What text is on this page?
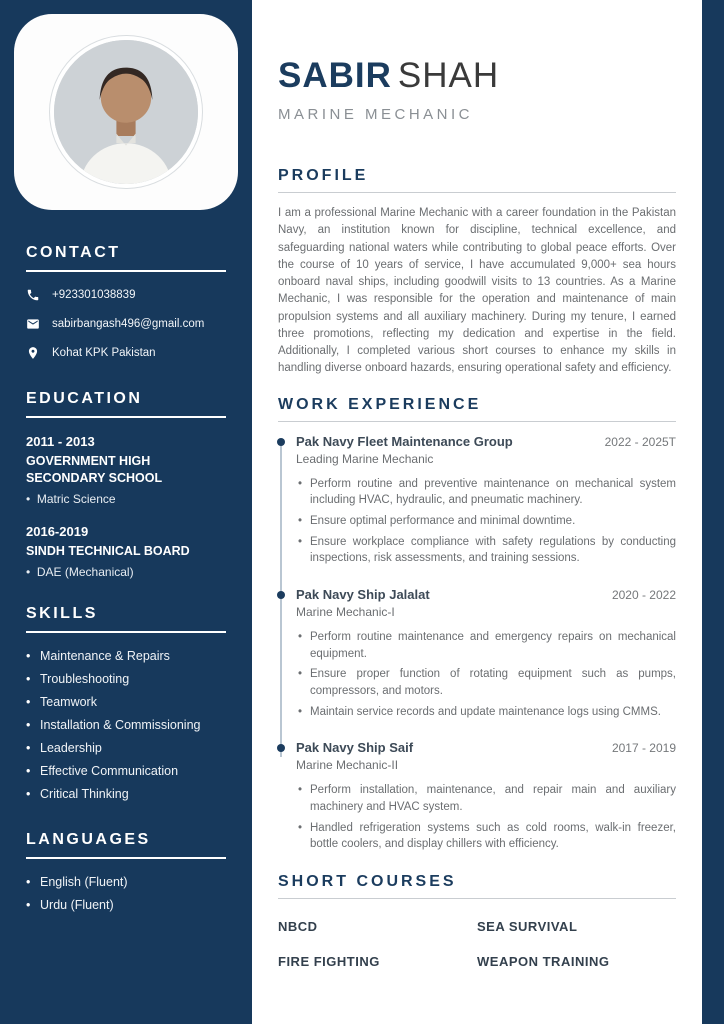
CONTACT
+923301038839
sabirbangash496@gmail.com
Kohat KPK Pakistan
EDUCATION
2011 - 2013
GOVERNMENT HIGH SECONDARY SCHOOL
•  Matric Science
2016-2019
SINDH TECHNICAL BOARD
•  DAE (Mechanical)
SKILLS
• Maintenance & Repairs
• Troubleshooting
• Teamwork
• Installation & Commissioning
• Leadership
• Effective Communication
• Critical Thinking
LANGUAGES
• English (Fluent)
• Urdu (Fluent)
SABIR SHAH
MARINE MECHANIC
PROFILE

I am a professional Marine Mechanic with a career foundation in the Pakistan Navy, an institution known for discipline, technical excellence, and safeguarding national waters while contributing to global peace efforts. Over the course of 10 years of service, I have accumulated 9,000+ sea hours onboard naval ships, including goodwill visits to 13 countries. As a Marine Mechanic, I was responsible for the operation and maintenance of main propulsion systems and all auxiliary machinery. During my tenure, I earned three promotions, reflecting my dedication and expertise in the field. Additionally, I completed various short courses to enhance my skills in handling diverse onboard hazards, ensuring operational safety and efficiency.

WORK EXPERIENCE
Pak Navy Fleet Maintenance Group	2022 - 2025T
Leading Marine Mechanic
• Perform routine and preventive maintenance on mechanical system including HVAC, hydraulic, and pneumatic machinery.
• Ensure optimal performance and minimal downtime.
• Ensure workplace compliance with safety regulations by conducting inspections, risk assessments, and training sessions.
Pak Navy Ship Jalalat	2020 - 2022
Marine Mechanic-I
• Perform routine maintenance and emergency repairs on mechanical equipment.
• Ensure proper function of rotating equipment such as pumps, compressors, and motors.
• Maintain service records and update maintenance logs using CMMS.
Pak Navy Ship Saif	2017 - 2019
Marine Mechanic-II
• Perform installation, maintenance, and repair main and auxiliary machinery and HVAC system.
• Handled refrigeration systems such as cold rooms, walk-in freezer, bottle coolers, and display chillers with efficiency.
SHORT COURSES
NBCD	SEA SURVIVAL
FIRE FIGHTING	WEAPON TRAINING
